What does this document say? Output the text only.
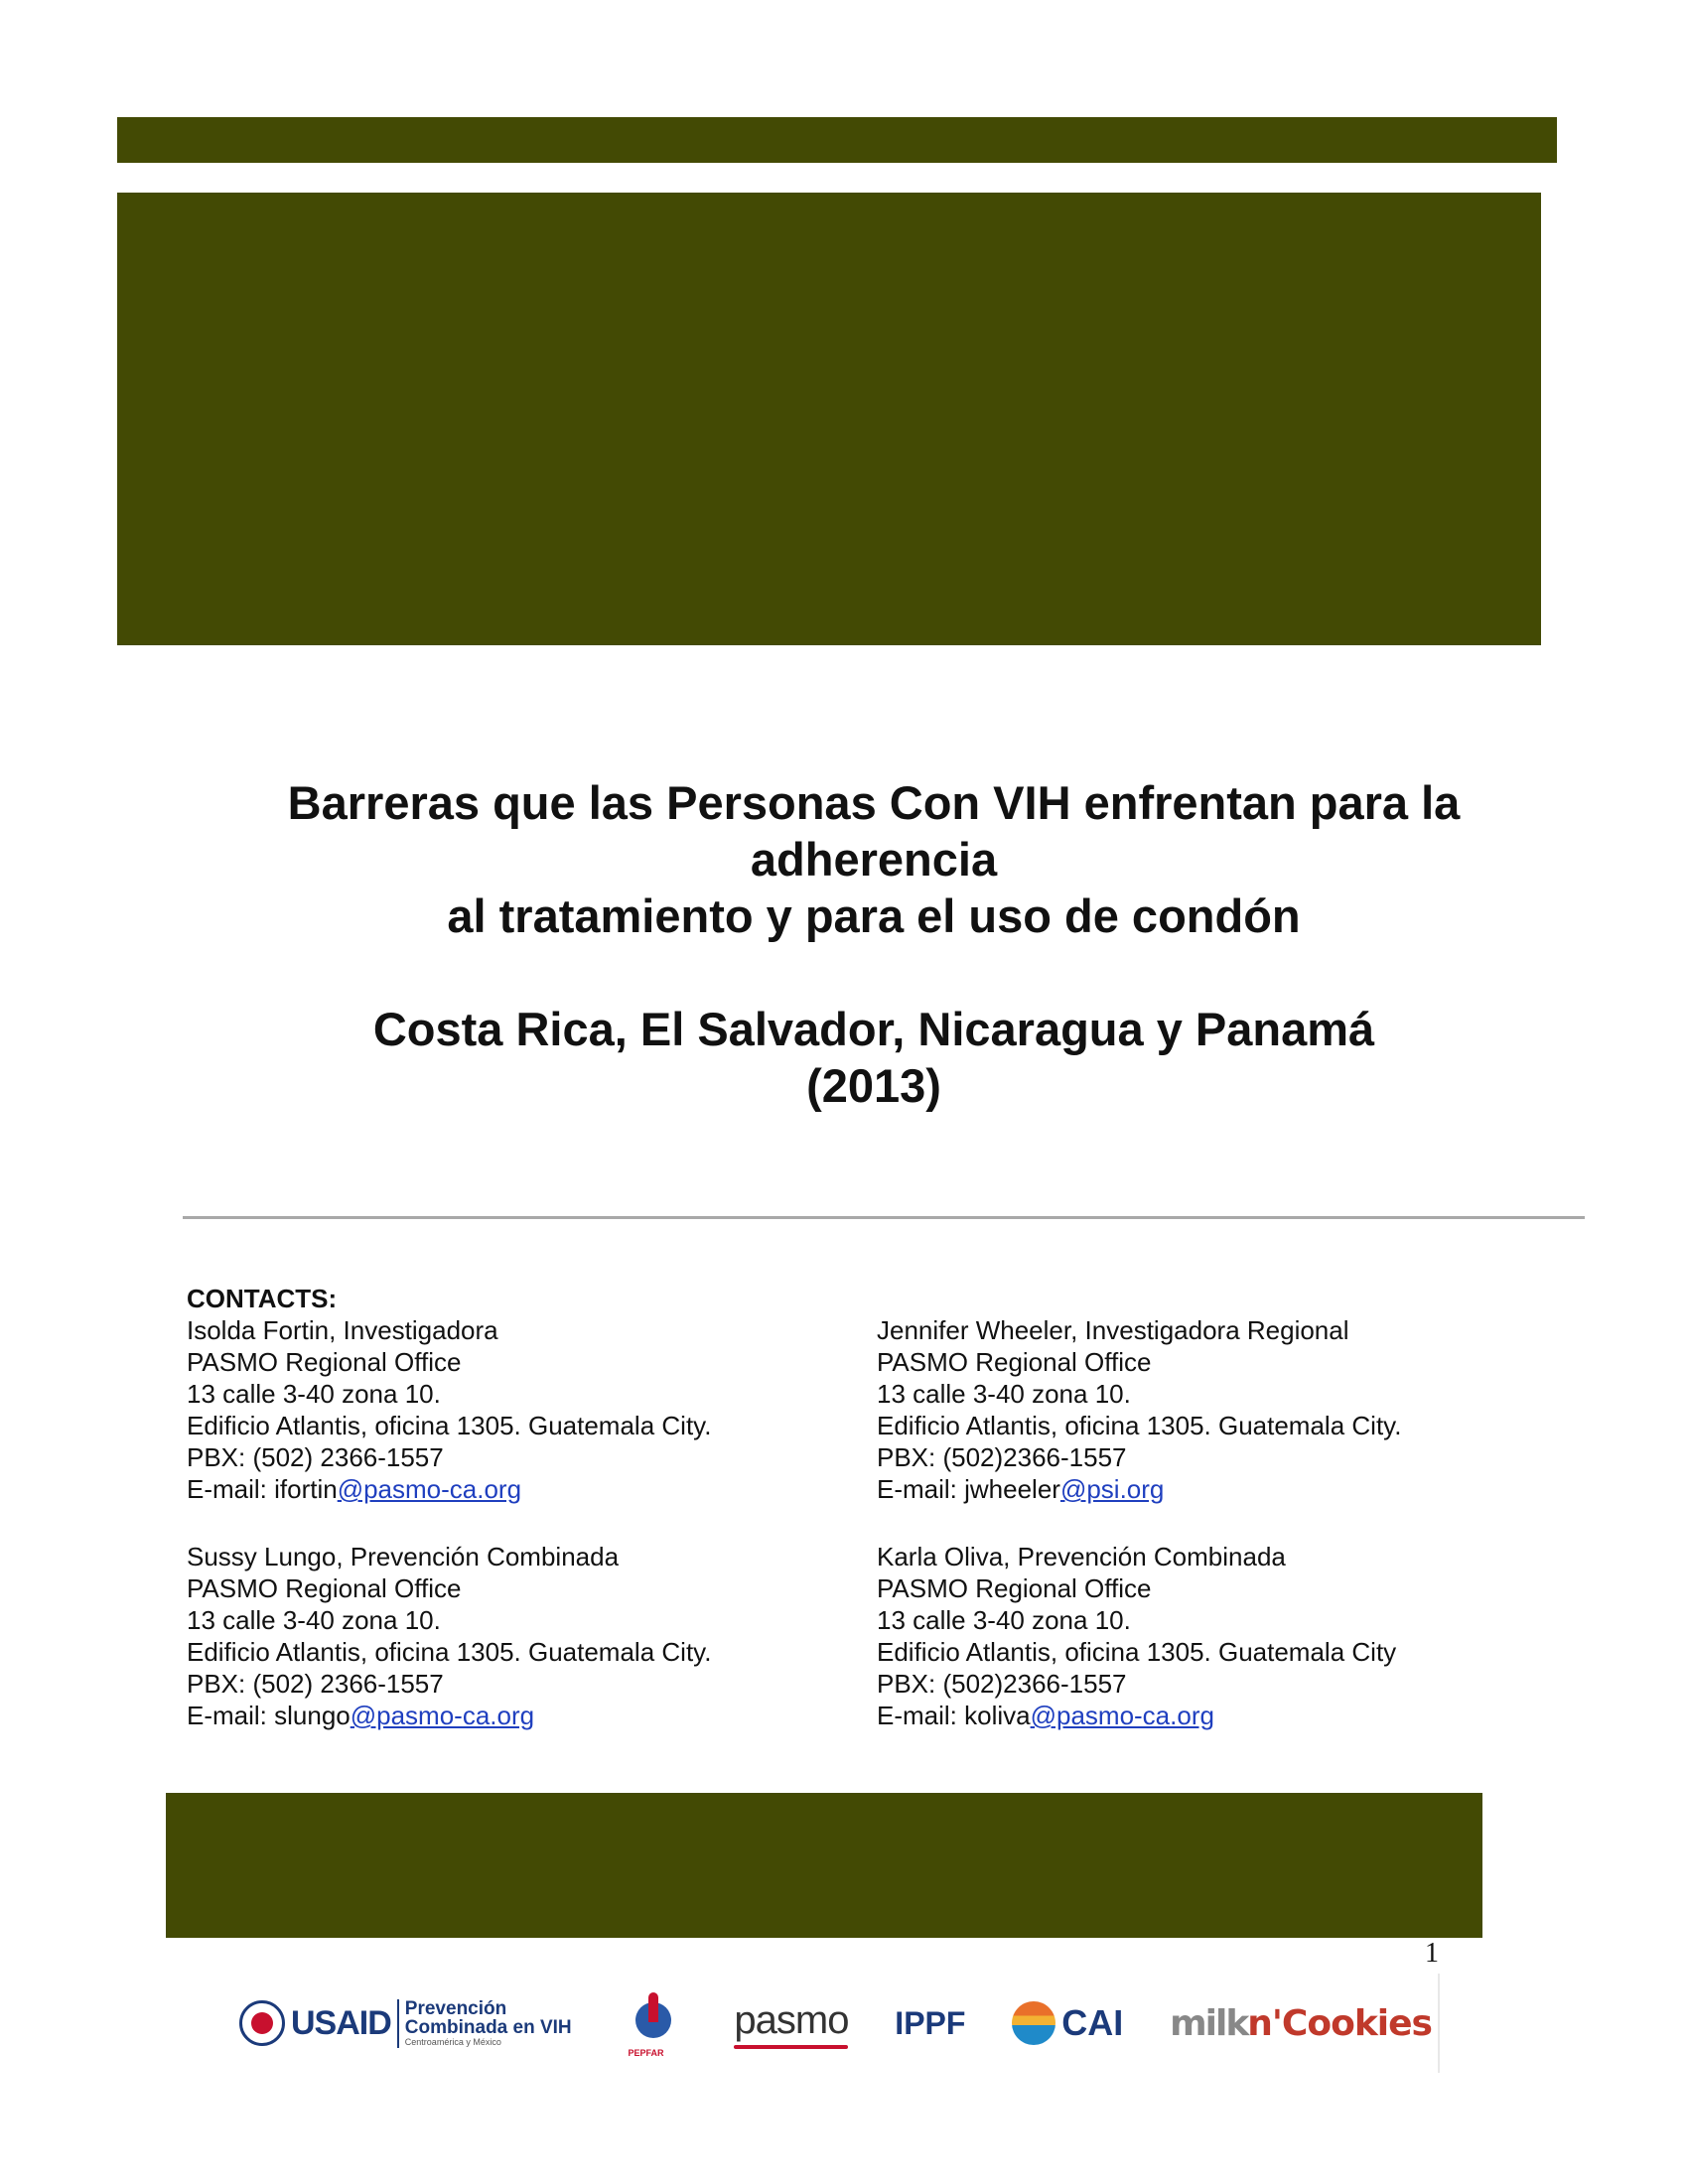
Barreras que las Personas Con VIH enfrentan para la
adherencia
al tratamiento y para el uso de condón
Costa Rica, El Salvador, Nicaragua y Panamá
(2013)
CONTACTS:
Isolda Fortin, Investigadora
PASMO Regional Office
13 calle 3-40 zona 10.
Edificio Atlantis, oficina 1305. Guatemala City.
PBX: (502) 2366-1557
E-mail: ifortin@pasmo-ca.org
Jennifer Wheeler, Investigadora Regional
PASMO Regional Office
13 calle 3-40 zona 10.
Edificio Atlantis, oficina 1305. Guatemala City.
PBX: (502)2366-1557
E-mail: jwheeler@psi.org
Sussy Lungo, Prevención Combinada
PASMO Regional Office
13 calle 3-40 zona 10.
Edificio Atlantis, oficina 1305. Guatemala City.
PBX: (502) 2366-1557
E-mail: slungo@pasmo-ca.org
Karla Oliva, Prevención Combinada
PASMO Regional Office
13 calle 3-40 zona 10.
Edificio Atlantis, oficina 1305. Guatemala City
PBX: (502)2366-1557
E-mail: koliva@pasmo-ca.org
1
USAID Prevención
Combinada en VIH
Centroamérica y México
PEPFAR
pasmo IPPF	CAI milk n'Cookies
